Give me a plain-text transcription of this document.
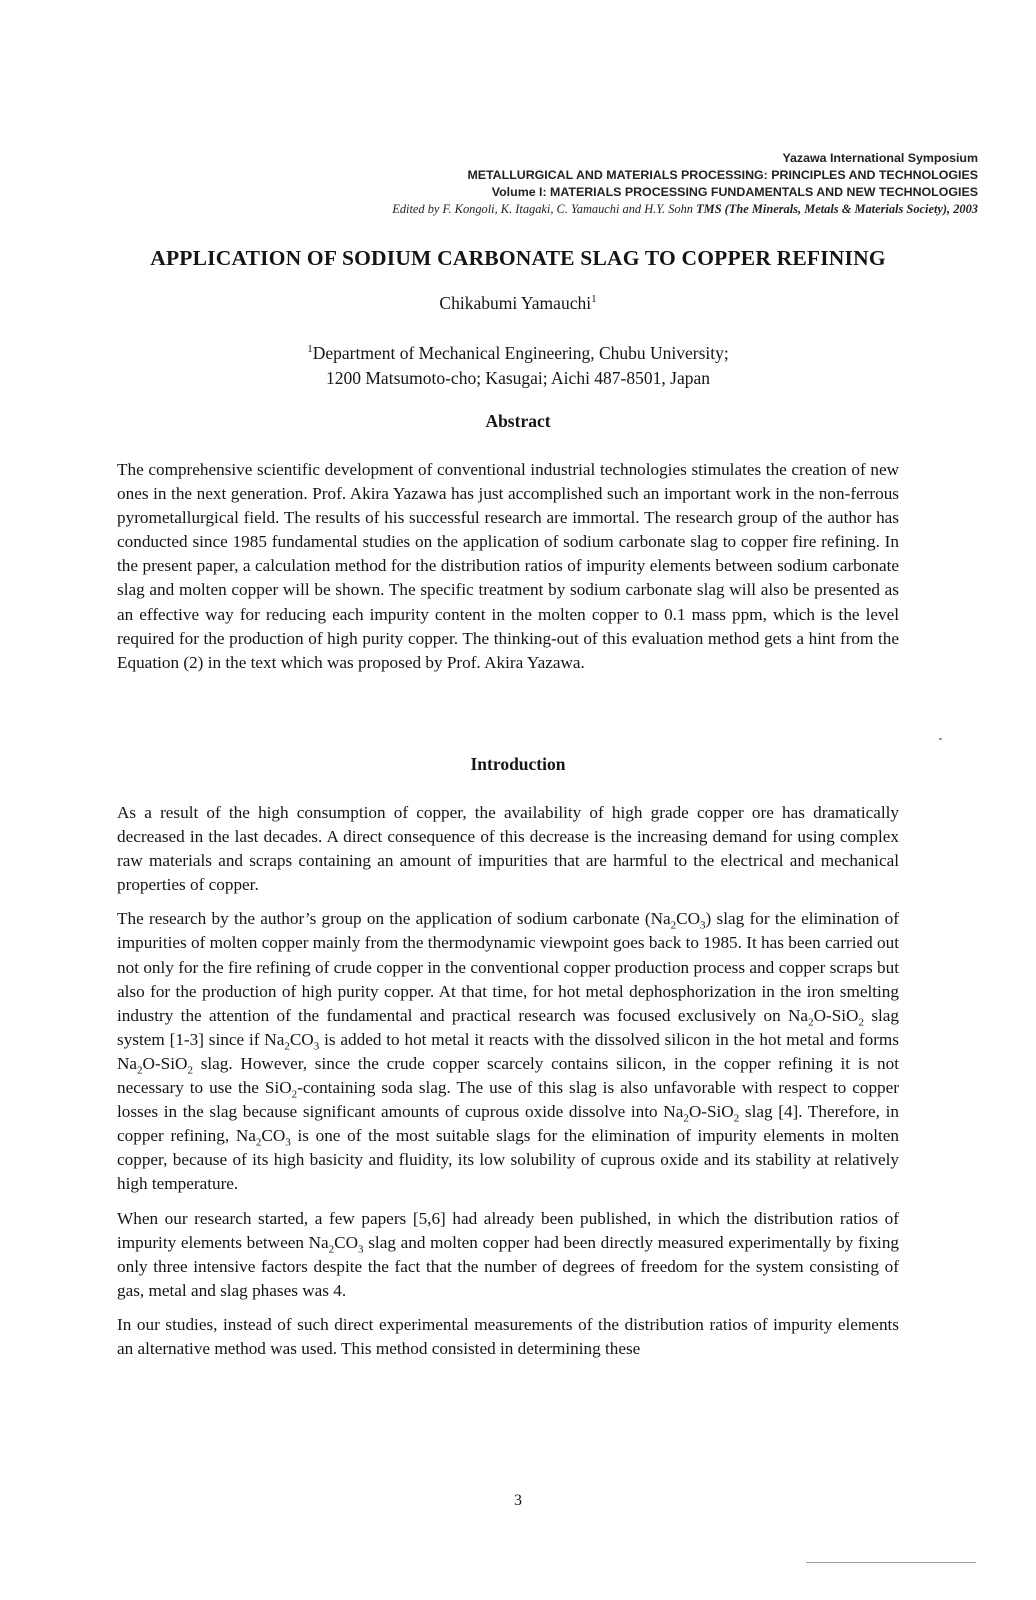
Yazawa International Symposium
METALLURGICAL AND MATERIALS PROCESSING: PRINCIPLES AND TECHNOLOGIES
Volume I: MATERIALS PROCESSING FUNDAMENTALS AND NEW TECHNOLOGIES
Edited by F. Kongoli, K. Itagaki, C. Yamauchi and H.Y. Sohn TMS (The Minerals, Metals & Materials Society), 2003
APPLICATION OF SODIUM CARBONATE SLAG TO COPPER REFINING
Chikabumi Yamauchi$^1$
$^1$Department of Mechanical Engineering, Chubu University;
1200 Matsumoto-cho; Kasugai; Aichi 487-8501, Japan
Abstract

The comprehensive scientific development of conventional industrial technologies stimulates the creation of new ones in the next generation. Prof. Akira Yazawa has just accomplished such an important work in the non-ferrous pyrometallurgical field. The results of his successful research are immortal. The research group of the author has conducted since 1985 fundamental studies on the application of sodium carbonate slag to copper fire refining. In the present paper, a calculation method for the distribution ratios of impurity elements between sodium carbonate slag and molten copper will be shown. The specific treatment by sodium carbonate slag will also be presented as an effective way for reducing each impurity content in the molten copper to 0.1 mass ppm, which is the level required for the production of high purity copper. The thinking-out of this evaluation method gets a hint from the Equation (2) in the text which was proposed by Prof. Akira Yazawa.

Introduction

As a result of the high consumption of copper, the availability of high grade copper ore has dramatically decreased in the last decades. A direct consequence of this decrease is the increasing demand for using complex raw materials and scraps containing an amount of impurities that are harmful to the electrical and mechanical properties of copper.

The research by the author’s group on the application of sodium carbonate $(Na_2CO_3)$ slag for the elimination of impurities of molten copper mainly from the thermodynamic viewpoint goes back to 1985. It has been carried out not only for the fire refining of crude copper in the conventional copper production process and copper scraps but also for the production of high purity copper. At that time, for hot metal dephosphorization in the iron smelting industry the attention of the fundamental and practical research was focused exclusively on $Na_2O-SiO_2$ slag system [1-3] since if $Na_2CO_3$ is added to hot metal it reacts with the dissolved silicon in the hot metal and forms $Na_2O-SiO_2$ slag. However, since the crude copper scarcely contains silicon, in the copper refining it is not necessary to use the SiO$_2$-containing soda slag. The use of this slag is also unfavorable with respect to copper losses in the slag because significant amounts of cuprous oxide dissolve into $Na_2O-SiO_2$ slag [4]. Therefore, in copper refining, $Na_2CO_3$ is one of the most suitable slags for the elimination of impurity elements in molten copper, because of its high basicity and fluidity, its low solubility of cuprous oxide and its stability at relatively high temperature.

When our research started, a few papers [5,6] had already been published, in which the distribution ratios of impurity elements between $Na_2CO_3$ slag and molten copper had been directly measured experimentally by fixing only three intensive factors despite the fact that the number of degrees of freedom for the system consisting of gas, metal and slag phases was 4.

In our studies, instead of such direct experimental measurements of the distribution ratios of impurity elements an alternative method was used. This method consisted in determining these

3
